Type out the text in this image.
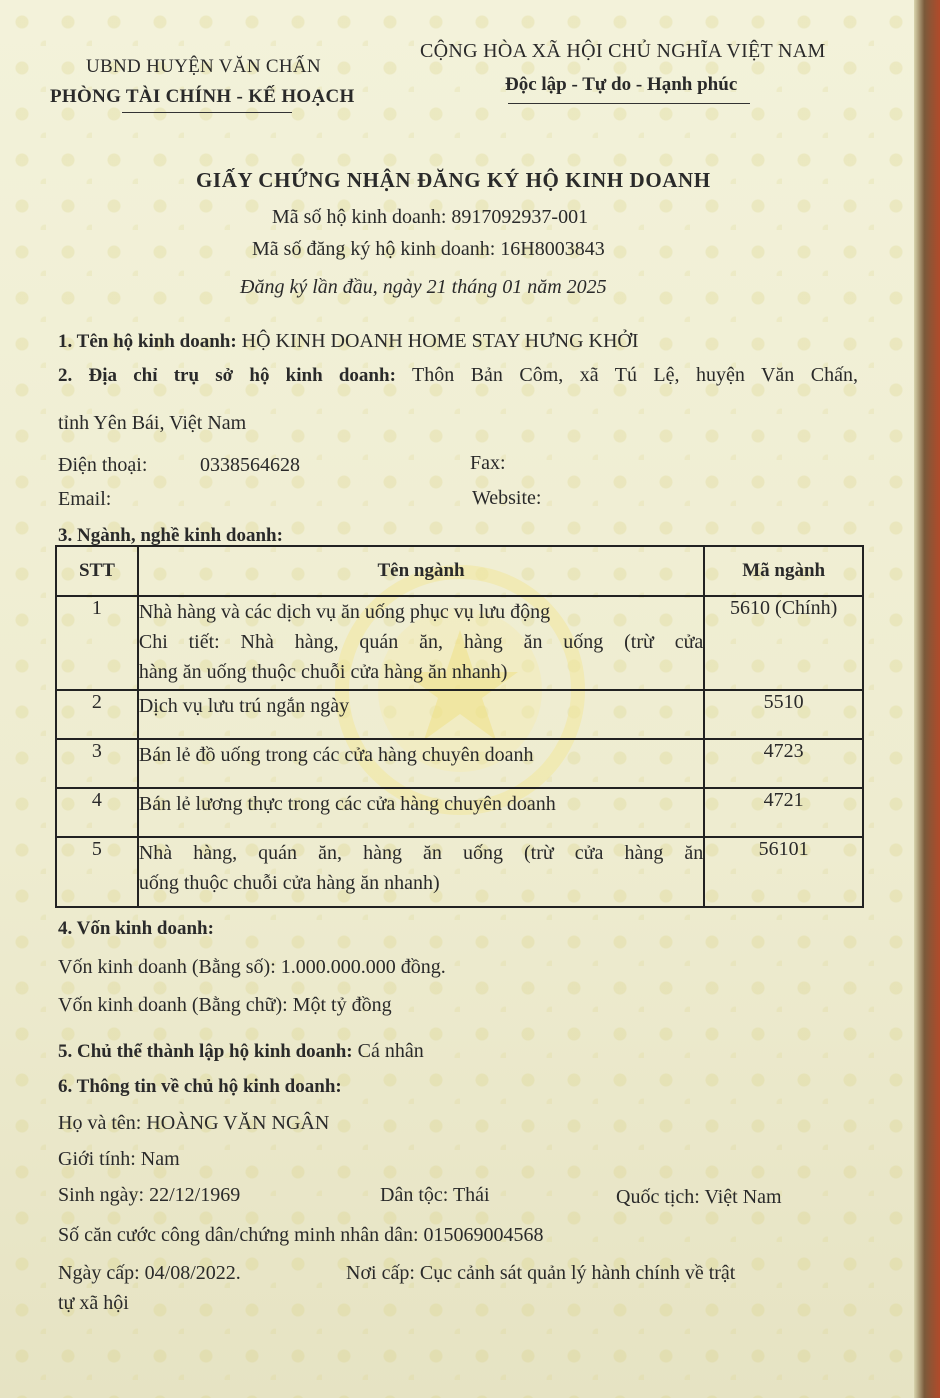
UBND HUYỆN VĂN CHẤN
PHÒNG TÀI CHÍNH - KẾ HOẠCH
CỘNG HÒA XÃ HỘI CHỦ NGHĨA VIỆT NAM
Độc lập - Tự do - Hạnh phúc
GIẤY CHỨNG NHẬN ĐĂNG KÝ HỘ KINH DOANH
Mã số hộ kinh doanh: 8917092937-001
Mã số đăng ký hộ kinh doanh: 16H8003843
Đăng ký lần đầu, ngày 21 tháng 01 năm 2025
1. Tên hộ kinh doanh: HỘ KINH DOANH HOME STAY HƯNG KHỞI
2. Địa chỉ trụ sở hộ kinh doanh: Thôn Bản Côm, xã Tú Lệ, huyện Văn Chấn,
tỉnh Yên Bái, Việt Nam
Điện thoại:	0338564628	Fax:
Email:	Website:
3. Ngành, nghề kinh doanh:
STT	Tên ngành	Mã ngành
1	Nhà hàng và các dịch vụ ăn uống phục vụ lưu động
Chi tiết: Nhà hàng, quán ăn, hàng ăn uống (trừ cửa
hàng ăn uống thuộc chuỗi cửa hàng ăn nhanh)	5610 (Chính)
2	Dịch vụ lưu trú ngắn ngày	5510
3	Bán lẻ đồ uống trong các cửa hàng chuyên doanh	4723
4	Bán lẻ lương thực trong các cửa hàng chuyên doanh	4721
5	Nhà hàng, quán ăn, hàng ăn uống (trừ cửa hàng ăn
uống thuộc chuỗi cửa hàng ăn nhanh)	56101
4. Vốn kinh doanh:
Vốn kinh doanh (Bằng số): 1.000.000.000 đồng.
Vốn kinh doanh (Bằng chữ): Một tỷ đồng
5. Chủ thể thành lập hộ kinh doanh: Cá nhân
6. Thông tin về chủ hộ kinh doanh:
Họ và tên: HOÀNG VĂN NGÂN
Giới tính: Nam
Sinh ngày: 22/12/1969	Dân tộc: Thái	Quốc tịch: Việt Nam
Số căn cước công dân/chứng minh nhân dân: 015069004568
Ngày cấp: 04/08/2022.	Nơi cấp: Cục cảnh sát quản lý hành chính về trật
tự xã hội
